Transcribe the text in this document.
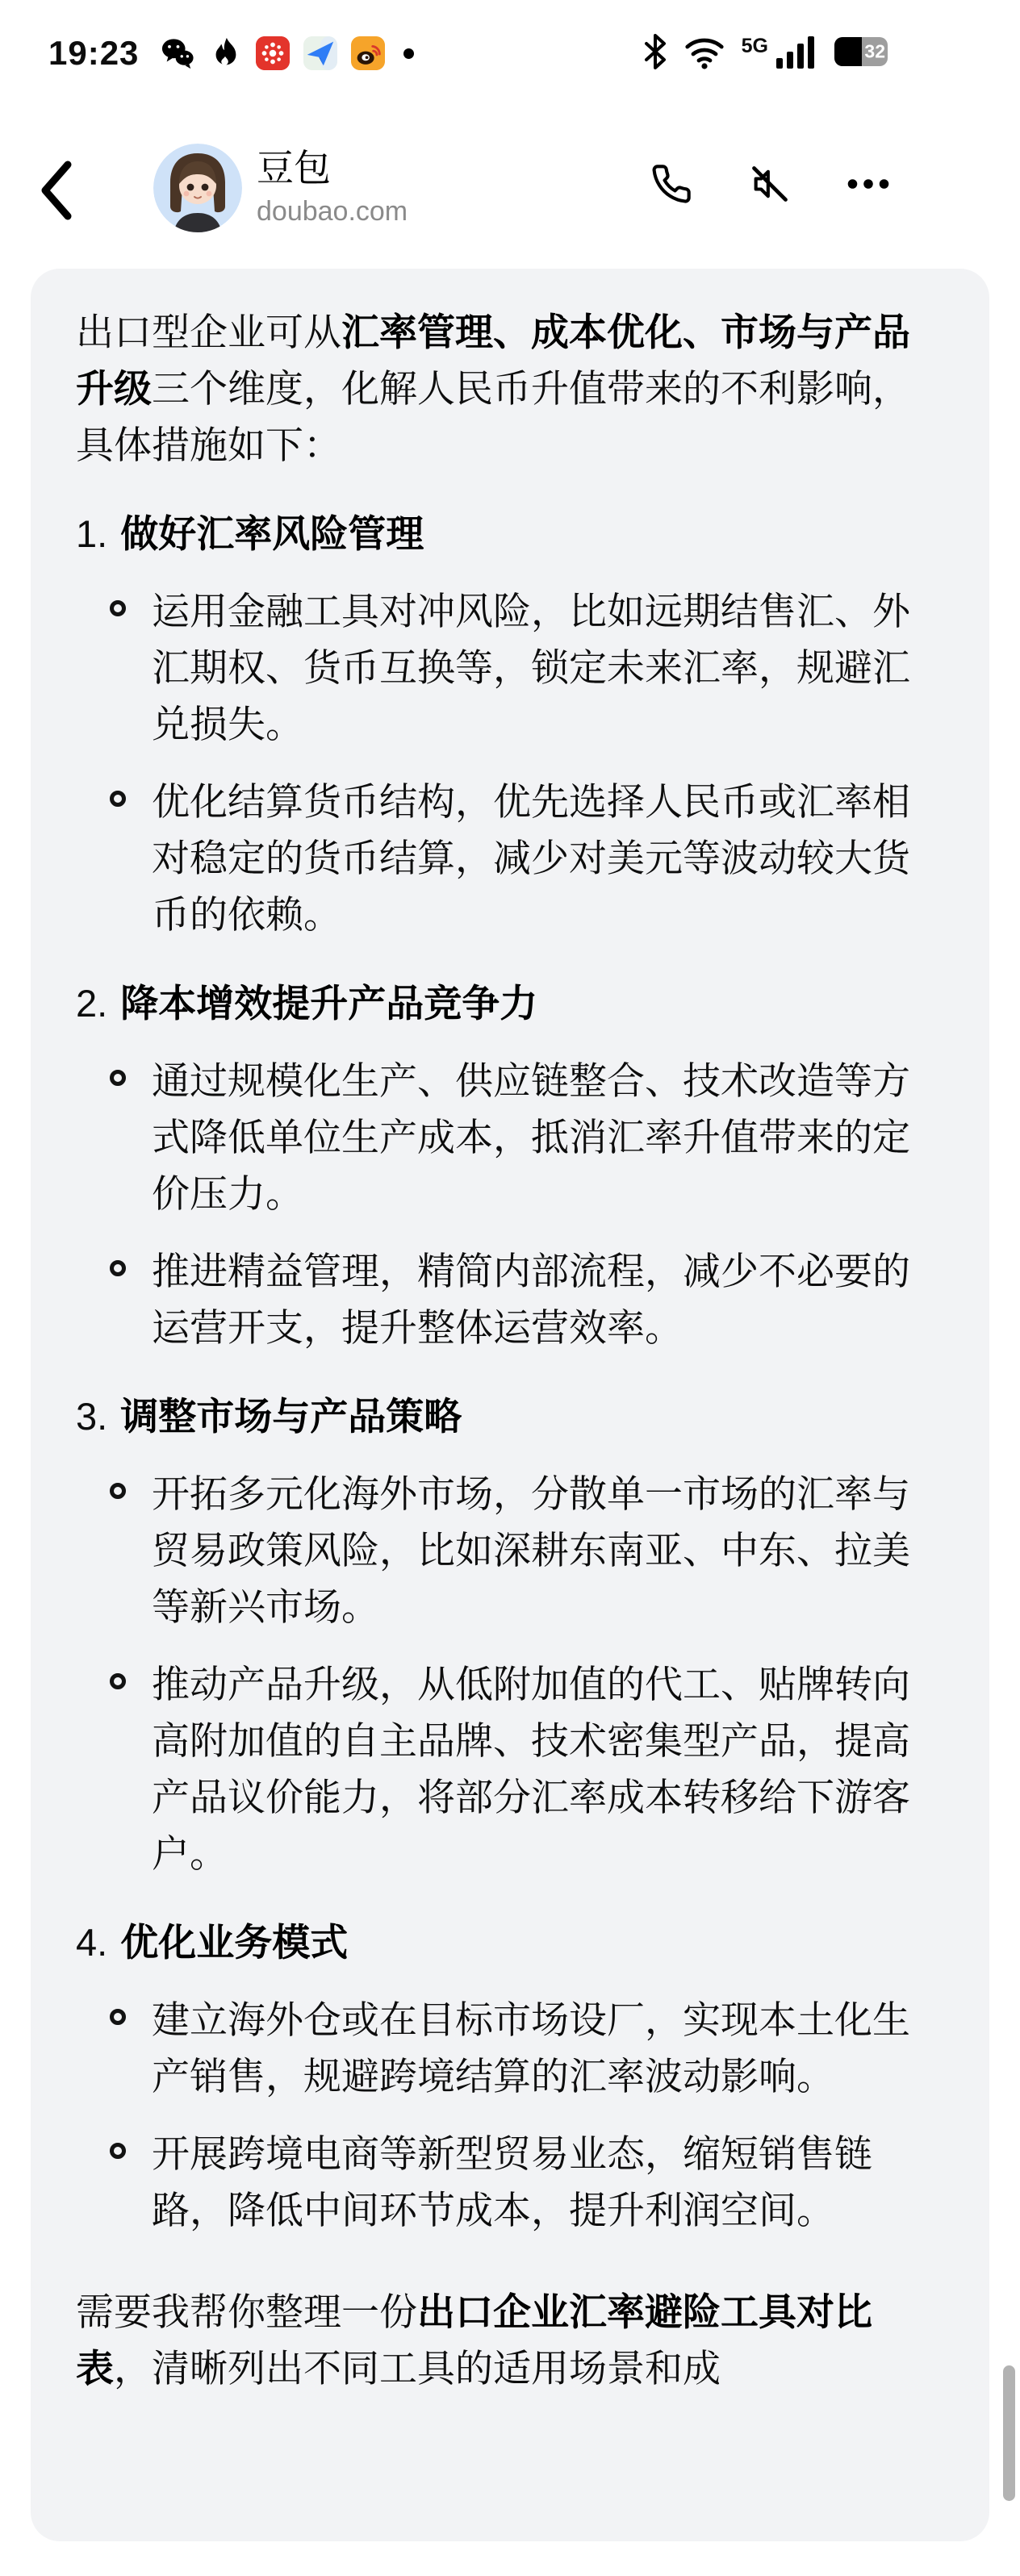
19:23	5G	32
豆包
doubao.com

出口型企业可从汇率管理、成本优化、市场与产品升级三个维度，化解人民币升值带来的不利影响，具体措施如下：

1. 做好汇率风险管理
运用金融工具对冲风险，比如远期结售汇、外汇期权、货币互换等，锁定未来汇率，规避汇兑损失。
优化结算货币结构，优先选择人民币或汇率相对稳定的货币结算，减少对美元等波动较大货币的依赖。
2. 降本增效提升产品竞争力
通过规模化生产、供应链整合、技术改造等方式降低单位生产成本，抵消汇率升值带来的定价压力。
推进精益管理，精简内部流程，减少不必要的运营开支，提升整体运营效率。
3. 调整市场与产品策略
开拓多元化海外市场，分散单一市场的汇率与贸易政策风险，比如深耕东南亚、中东、拉美等新兴市场。
推动产品升级，从低附加值的代工、贴牌转向高附加值的自主品牌、技术密集型产品，提高产品议价能力，将部分汇率成本转移给下游客户。
4. 优化业务模式
建立海外仓或在目标市场设厂，实现本土化生产销售，规避跨境结算的汇率波动影响。
开展跨境电商等新型贸易业态，缩短销售链路，降低中间环节成本，提升利润空间。

需要我帮你整理一份出口企业汇率避险工具对比表，清晰列出不同工具的适用场景和成
